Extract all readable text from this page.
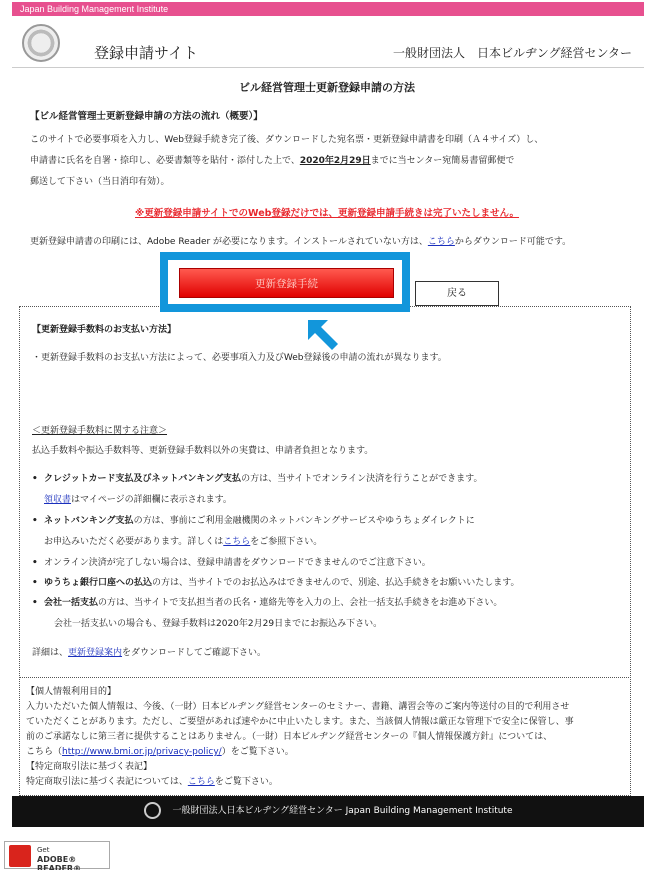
Japan Building Management Institute
登録申請サイト	一般財団法人　日本ビルヂング経営センター
ビル経営管理士更新登録申請の方法
【ビル経営管理士更新登録申請の方法の流れ（概要）】
このサイトで必要事項を入力し、Web登録手続き完了後、ダウンロードした宛名票・更新登録申請書を印刷（Ａ４サイズ）し、
申請書に氏名を自署・捺印し、必要書類等を貼付・添付した上で、2020年2月29日までに当センター宛簡易書留郵便で
郵送して下さい（当日消印有効）。
※更新登録申請サイトでのWeb登録だけでは、更新登録申請手続きは完了いたしません。
更新登録申請書の印刷には、Adobe Reader が必要になります。インストールされていない方は、こちらからダウンロード可能です。
更新登録手続
戻る
【更新登録手数料のお支払い方法】
・更新登録手数料のお支払い方法によって、必要事項入力及びWeb登録後の申請の流れが異なります。
＜更新登録手数料に関する注意＞
払込手数料や振込手数料等、更新登録手数料以外の実費は、申請者負担となります。
• クレジットカード支払及びネットバンキング支払の方は、当サイトでオンライン決済を行うことができます。
領収書はマイページの詳細欄に表示されます。
• ネットバンキング支払の方は、事前にご利用金融機関のネットバンキングサービスやゆうちょダイレクトに
お申込みいただく必要があります。詳しくはこちらをご参照下さい。
• オンライン決済が完了しない場合は、登録申請書をダウンロードできませんのでご注意下さい。
• ゆうちょ銀行口座への払込の方は、当サイトでのお払込みはできませんので、別途、払込手続きをお願いいたします。
• 会社一括支払の方は、当サイトで支払担当者の氏名・連絡先等を入力の上、会社一括支払手続きをお進め下さい。
会社一括支払いの場合も、登録手数料は2020年2月29日までにお振込み下さい。
詳細は、更新登録案内をダウンロードしてご確認下さい。
【個人情報利用目的】
入力いただいた個人情報は、今後、（一財）日本ビルヂング経営センターのセミナー、書籍、講習会等のご案内等送付の目的で利用させ
ていただくことがあります。ただし、ご要望があれば速やかに中止いたします。また、当該個人情報は厳正な管理下で安全に保管し、事
前のご承諾なしに第三者に提供することはありません。（一財）日本ビルヂング経営センターの『個人情報保護方針』については、
こちら（http://www.bmi.or.jp/privacy-policy/）をご覧下さい。
【特定商取引法に基づく表記】
特定商取引法に基づく表記については、こちらをご覧下さい。
一般財団法人日本ビルヂング経営センター Japan Building Management Institute
Get
ADOBE® READER®
